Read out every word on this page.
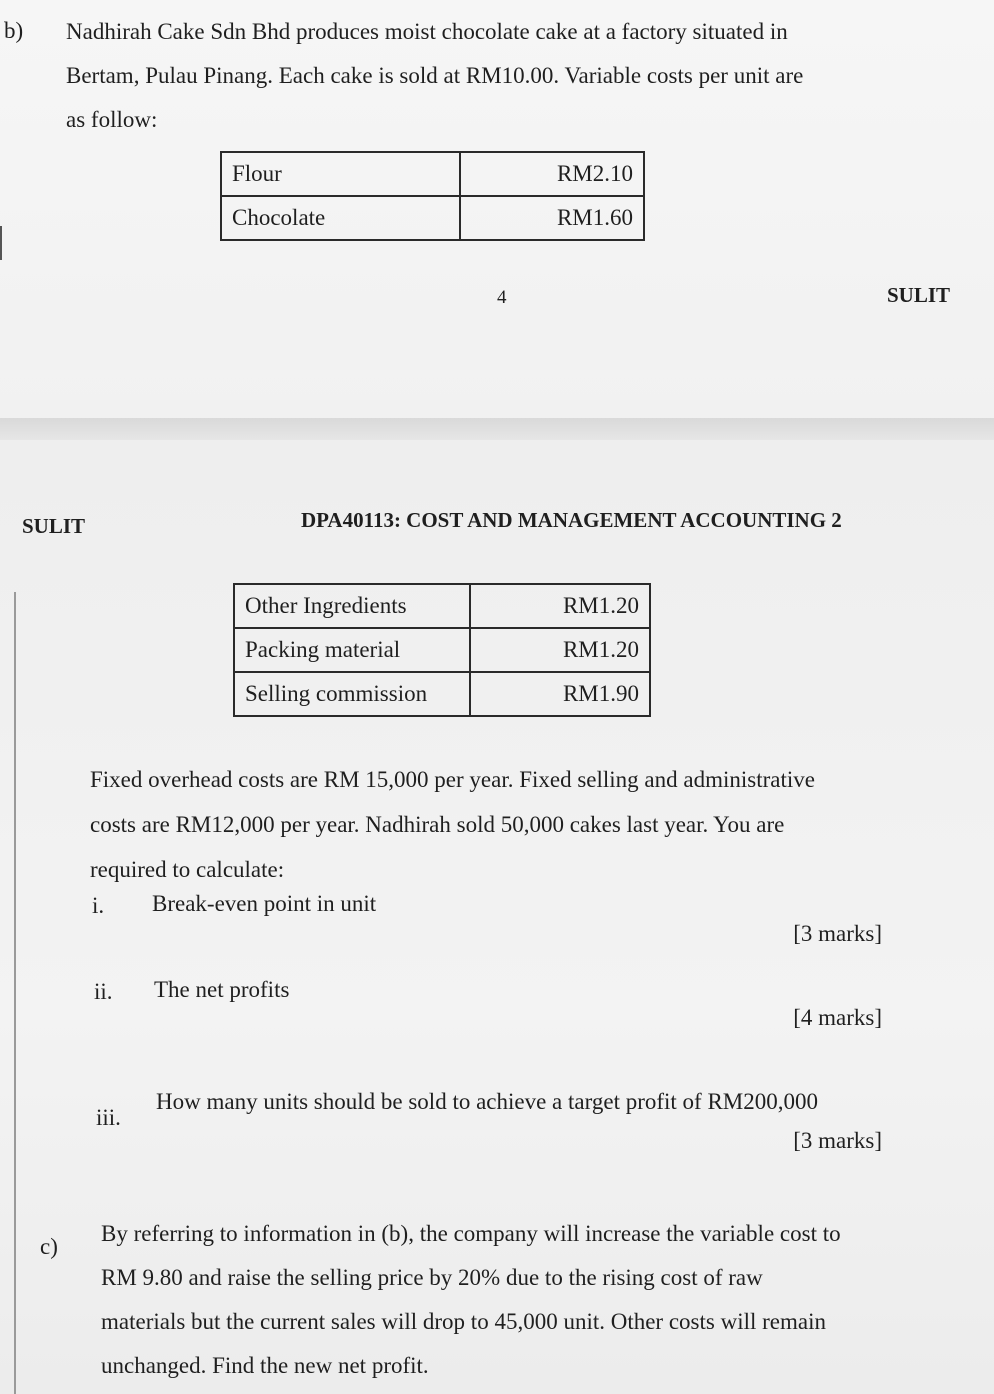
b) Nadhirah Cake Sdn Bhd produces moist chocolate cake at a factory situated in
Bertam, Pulau Pinang. Each cake is sold at RM10.00. Variable costs per unit are
as follow:
Flour	RM2.10
Chocolate	RM1.60
4	SULIT
SULIT	DPA40113: COST AND MANAGEMENT ACCOUNTING 2
Other Ingredients	RM1.20
Packing material	RM1.20
Selling commission	RM1.90
Fixed overhead costs are RM 15,000 per year. Fixed selling and administrative
costs are RM12,000 per year. Nadhirah sold 50,000 cakes last year. You are
required to calculate:
i. Break-even point in unit
[3 marks]
ii. The net profits
[4 marks]
iii.
How many units should be sold to achieve a target profit of RM200,000
[3 marks]
c)
By referring to information in (b), the company will increase the variable cost to
RM 9.80 and raise the selling price by 20% due to the rising cost of raw
materials but the current sales will drop to 45,000 unit. Other costs will remain
unchanged. Find the new net profit.
